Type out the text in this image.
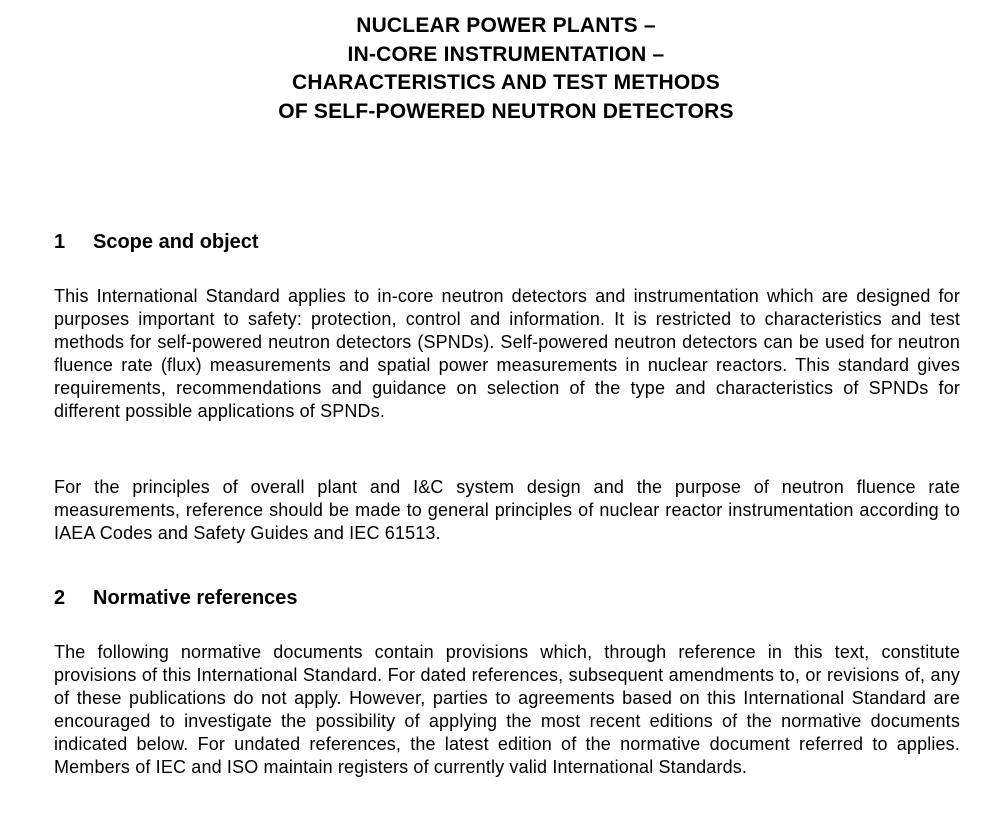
NUCLEAR POWER PLANTS –
IN-CORE INSTRUMENTATION –
CHARACTERISTICS AND TEST METHODS
OF SELF-POWERED NEUTRON DETECTORS
1 Scope and object
This International Standard applies to in-core neutron detectors and instrumentation which are designed for purposes important to safety: protection, control and information. It is restricted to characteristics and test methods for self-powered neutron detectors (SPNDs). Self-powered neutron detectors can be used for neutron fluence rate (flux) measurements and spatial power measurements in nuclear reactors. This standard gives requirements, recommendations and guidance on selection of the type and characteristics of SPNDs for different possible applications of SPNDs.
For the principles of overall plant and I&C system design and the purpose of neutron fluence rate measurements, reference should be made to general principles of nuclear reactor instrumentation according to IAEA Codes and Safety Guides and IEC 61513.
2 Normative references
The following normative documents contain provisions which, through reference in this text, constitute provisions of this International Standard. For dated references, subsequent amendments to, or revisions of, any of these publications do not apply. However, parties to agreements based on this International Standard are encouraged to investigate the possibility of applying the most recent editions of the normative documents indicated below. For undated references, the latest edition of the normative document referred to applies. Members of IEC and ISO maintain registers of currently valid International Standards.
